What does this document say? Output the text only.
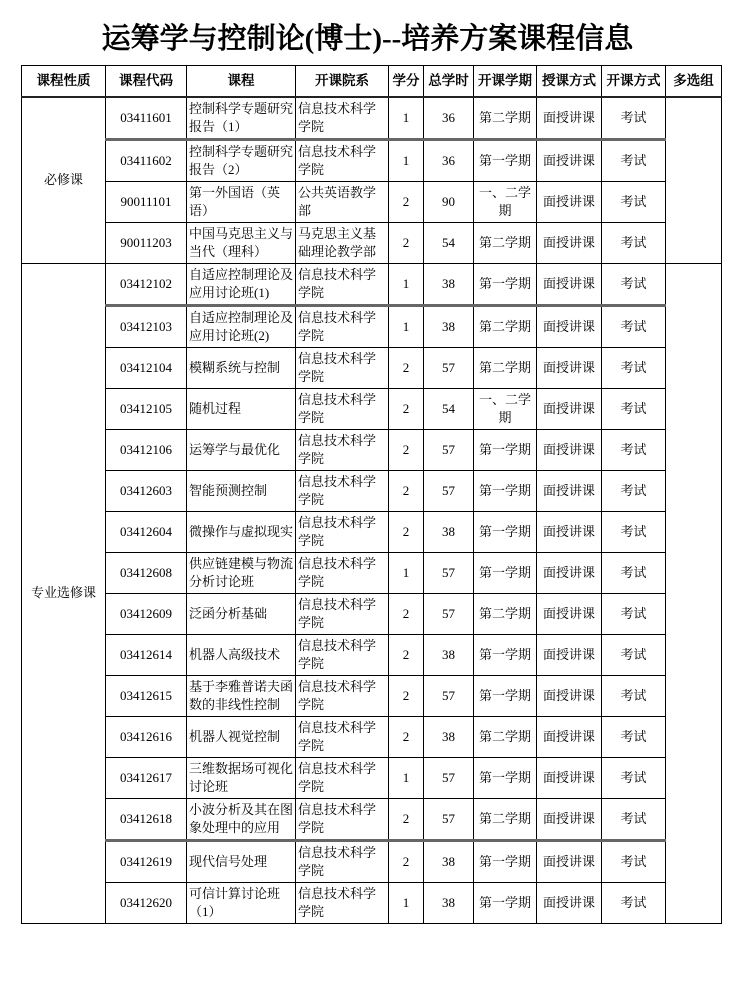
运筹学与控制论(博士)--培养方案课程信息
课程性质	课程代码	课程	开课院系	学分	总学时	开课学期	授课方式	开课方式	多选组
必修课	03411601	控制科学专题研究报告（1）	信息技术科学学院	1	36	第二学期	面授讲课	考试	
	03411602	控制科学专题研究报告（2）	信息技术科学学院	1	36	第一学期	面授讲课	考试	
	90011101	第一外国语（英语）	公共英语教学部	2	90	一、二学期	面授讲课	考试	
	90011203	中国马克思主义与当代（理科）	马克思主义基础理论教学部	2	54	第二学期	面授讲课	考试	
专业选修课	03412102	自适应控制理论及应用讨论班(1)	信息技术科学学院	1	38	第一学期	面授讲课	考试	
	03412103	自适应控制理论及应用讨论班(2)	信息技术科学学院	1	38	第二学期	面授讲课	考试	
	03412104	模糊系统与控制	信息技术科学学院	2	57	第二学期	面授讲课	考试	
	03412105	随机过程	信息技术科学学院	2	54	一、二学期	面授讲课	考试	
	03412106	运筹学与最优化	信息技术科学学院	2	57	第一学期	面授讲课	考试	
	03412603	智能预测控制	信息技术科学学院	2	57	第一学期	面授讲课	考试	
	03412604	微操作与虚拟现实	信息技术科学学院	2	38	第一学期	面授讲课	考试	
	03412608	供应链建模与物流分析讨论班	信息技术科学学院	1	57	第一学期	面授讲课	考试	
	03412609	泛函分析基础	信息技术科学学院	2	57	第二学期	面授讲课	考试	
	03412614	机器人高级技术	信息技术科学学院	2	38	第一学期	面授讲课	考试	
	03412615	基于李雅普诺夫函数的非线性控制	信息技术科学学院	2	57	第一学期	面授讲课	考试	
	03412616	机器人视觉控制	信息技术科学学院	2	38	第二学期	面授讲课	考试	
	03412617	三维数据场可视化讨论班	信息技术科学学院	1	57	第一学期	面授讲课	考试	
	03412618	小波分析及其在图象处理中的应用	信息技术科学学院	2	57	第二学期	面授讲课	考试	
	03412619	现代信号处理	信息技术科学学院	2	38	第一学期	面授讲课	考试	
	03412620	可信计算讨论班（1）	信息技术科学学院	1	38	第一学期	面授讲课	考试	
